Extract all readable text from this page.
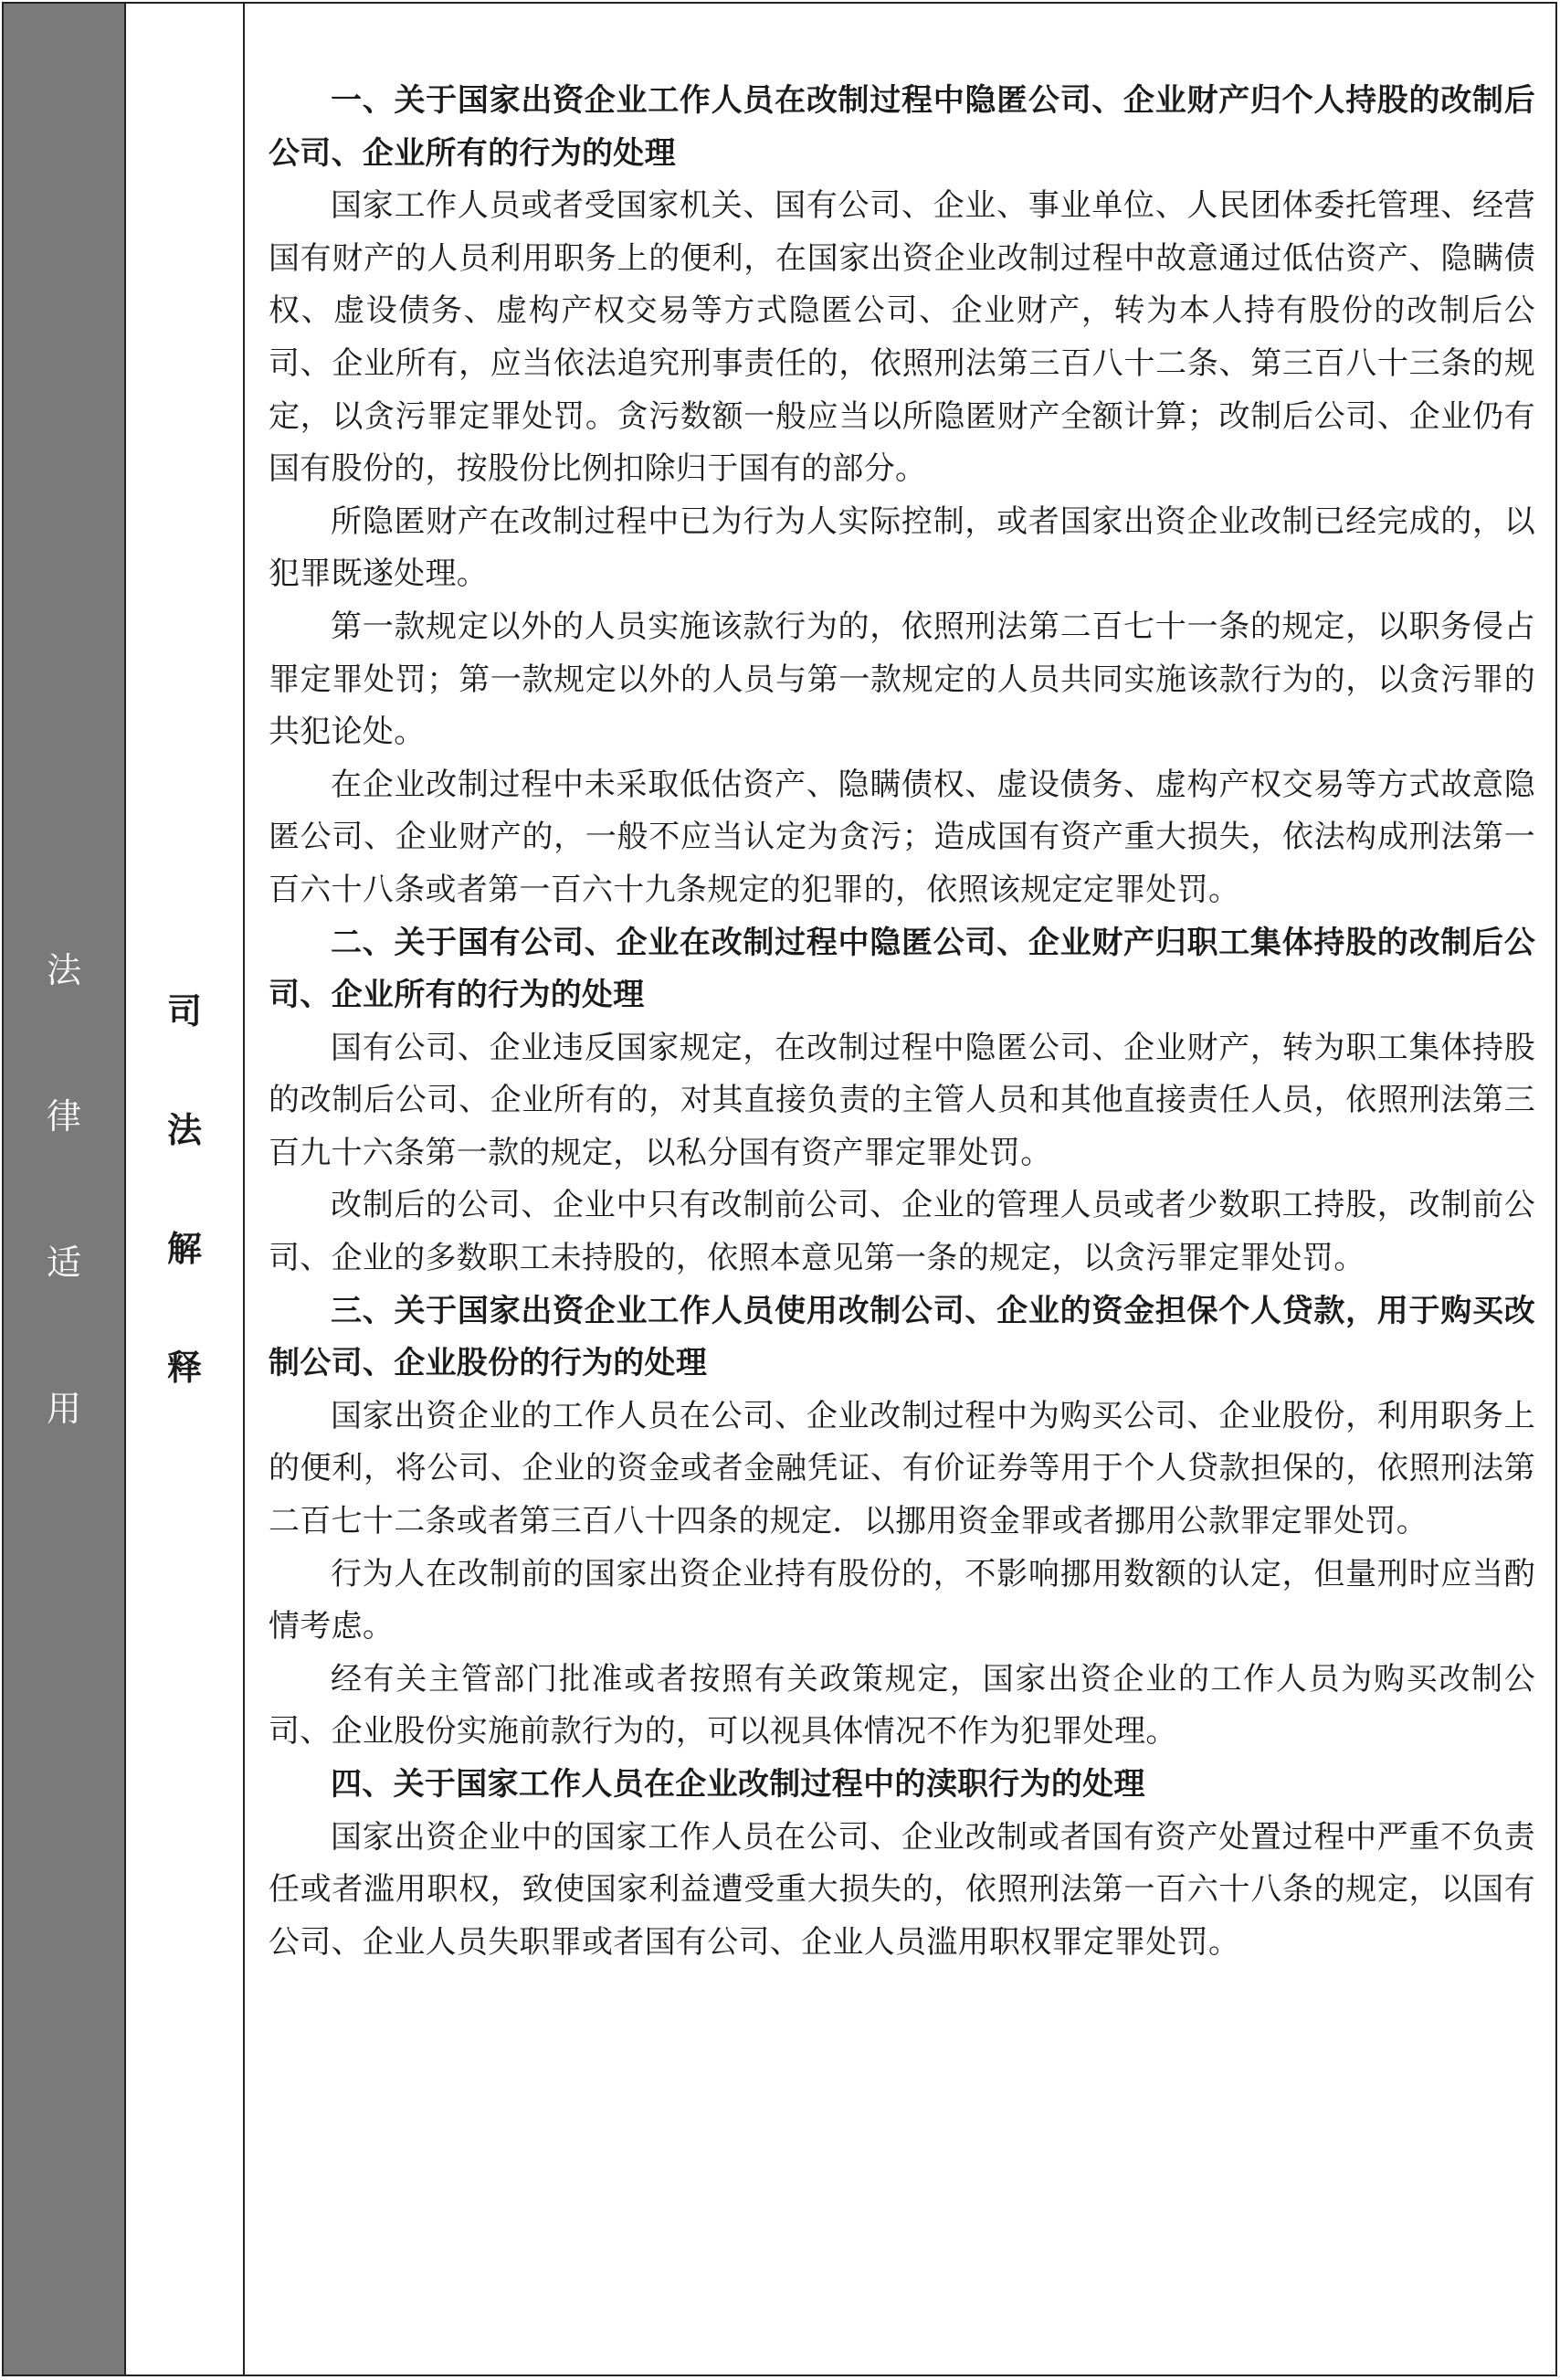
法
律
适
用
司
法
解
释

一、关于国家出资企业工作人员在改制过程中隐匿公司、企业财产归个人持股的改制后公司、企业所有的行为的处理

国家工作人员或者受国家机关、国有公司、企业、事业单位、人民团体委托管理、经营国有财产的人员利用职务上的便利，在国家出资企业改制过程中故意通过低估资产、隐瞒债权、虚设债务、虚构产权交易等方式隐匿公司、企业财产，转为本人持有股份的改制后公司、企业所有，应当依法追究刑事责任的，依照刑法第三百八十二条、第三百八十三条的规定，以贪污罪定罪处罚。贪污数额一般应当以所隐匿财产全额计算；改制后公司、企业仍有国有股份的，按股份比例扣除归于国有的部分。

所隐匿财产在改制过程中已为行为人实际控制，或者国家出资企业改制已经完成的，以犯罪既遂处理。

第一款规定以外的人员实施该款行为的，依照刑法第二百七十一条的规定，以职务侵占罪定罪处罚；第一款规定以外的人员与第一款规定的人员共同实施该款行为的，以贪污罪的共犯论处。

在企业改制过程中未采取低估资产、隐瞒债权、虚设债务、虚构产权交易等方式故意隐匿公司、企业财产的，一般不应当认定为贪污；造成国有资产重大损失，依法构成刑法第一百六十八条或者第一百六十九条规定的犯罪的，依照该规定定罪处罚。

二、关于国有公司、企业在改制过程中隐匿公司、企业财产归职工集体持股的改制后公司、企业所有的行为的处理

国有公司、企业违反国家规定，在改制过程中隐匿公司、企业财产，转为职工集体持股的改制后公司、企业所有的，对其直接负责的主管人员和其他直接责任人员，依照刑法第三百九十六条第一款的规定，以私分国有资产罪定罪处罚。

改制后的公司、企业中只有改制前公司、企业的管理人员或者少数职工持股，改制前公司、企业的多数职工未持股的，依照本意见第一条的规定，以贪污罪定罪处罚。

三、关于国家出资企业工作人员使用改制公司、企业的资金担保个人贷款，用于购买改制公司、企业股份的行为的处理

国家出资企业的工作人员在公司、企业改制过程中为购买公司、企业股份，利用职务上的便利，将公司、企业的资金或者金融凭证、有价证券等用于个人贷款担保的，依照刑法第二百七十二条或者第三百八十四条的规定．以挪用资金罪或者挪用公款罪定罪处罚。

行为人在改制前的国家出资企业持有股份的，不影响挪用数额的认定，但量刑时应当酌情考虑。

经有关主管部门批准或者按照有关政策规定，国家出资企业的工作人员为购买改制公司、企业股份实施前款行为的，可以视具体情况不作为犯罪处理。

四、关于国家工作人员在企业改制过程中的渎职行为的处理

国家出资企业中的国家工作人员在公司、企业改制或者国有资产处置过程中严重不负责任或者滥用职权，致使国家利益遭受重大损失的，依照刑法第一百六十八条的规定，以国有公司、企业人员失职罪或者国有公司、企业人员滥用职权罪定罪处罚。
